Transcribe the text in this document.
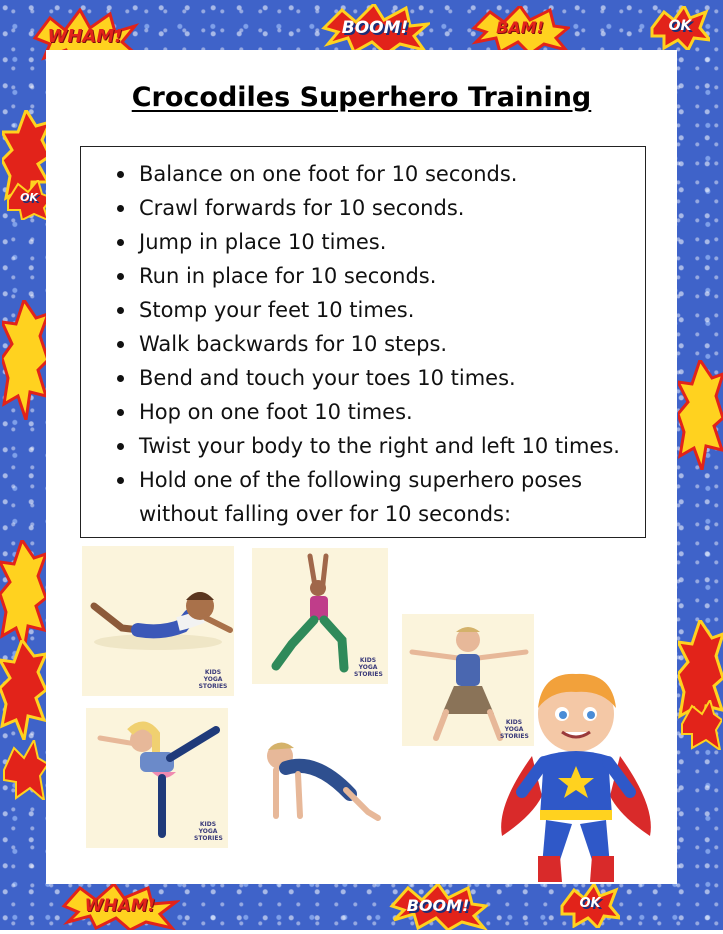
WHAM!	BOOM!	BAM!	OK
OK
WHAM!	BOOM!	OK
Crocodiles Superhero Training
Balance on one foot for 10 seconds.
Crawl forwards for 10 seconds.
Jump in place 10 times.
Run in place for 10 seconds.
Stomp your feet 10 times.
Walk backwards for 10 steps.
Bend and touch your toes 10 times.
Hop on one foot 10 times.
Twist your body to the right and left 10 times.
Hold one of the following superhero poses without falling over for 10 seconds:
KIDS YOGA STORIES
KIDS YOGA STORIES
KIDS YOGA STORIES
KIDS YOGA STORIES
